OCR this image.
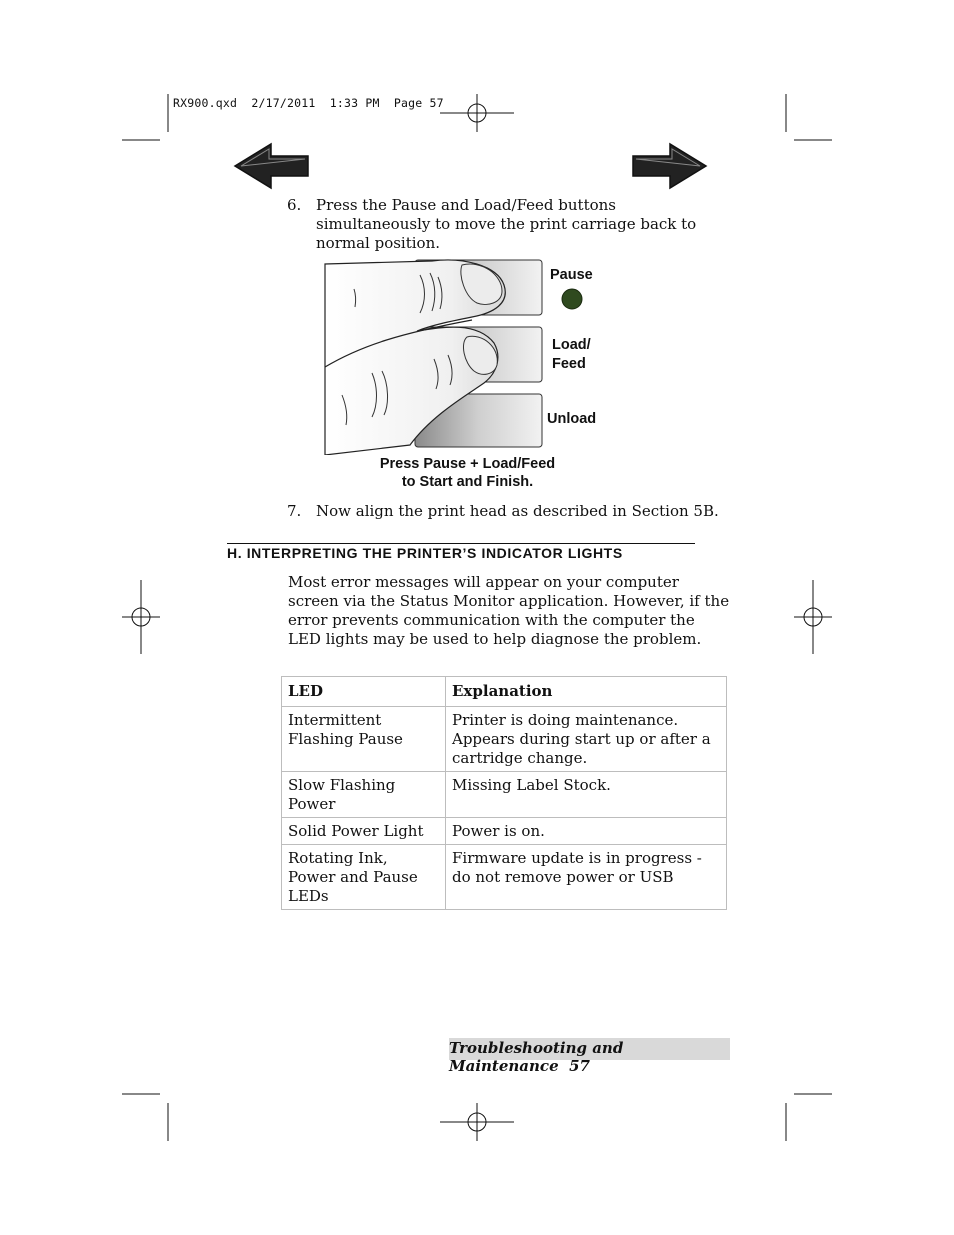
RX900.qxd  2/17/2011  1:33 PM  Page 57
6. Press the Pause and Load/Feed buttons simultaneously to move the print carriage back to normal position.
Pause
Load/
Feed
Unload
Press Pause + Load/Feed
to Start and Finish.
7. Now align the print head as described in Section 5B.
H. INTERPRETING THE PRINTER’S INDICATOR LIGHTS
Most error messages will appear on your computer screen via the Status Monitor application. However, if the error prevents communication with the computer the LED lights may be used to help diagnose the problem.
LED	Explanation
Intermittent Flashing Pause	Printer is doing maintenance. Appears during start up or after a cartridge change.
Slow Flashing Power	Missing Label Stock.
Solid Power Light	Power is on.
Rotating Ink, Power and Pause LEDs	Firmware update is in progress - do not remove power or USB
Troubleshooting and Maintenance 57
